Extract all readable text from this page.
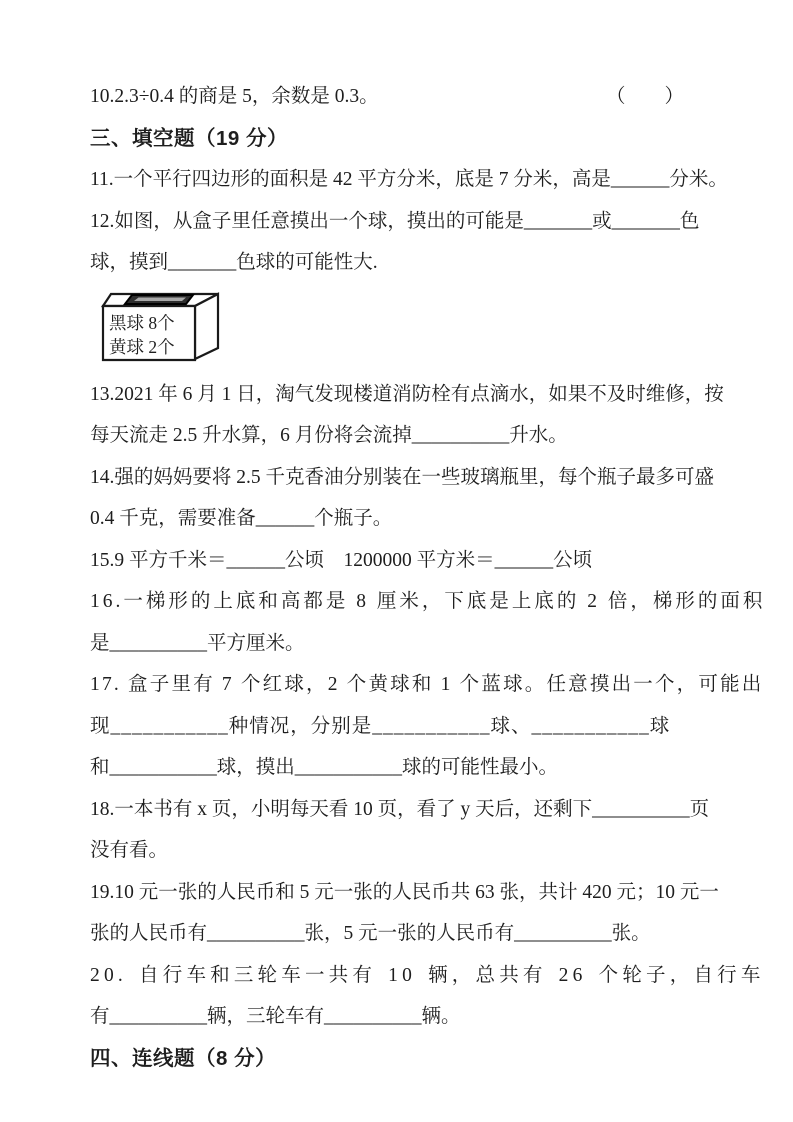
10.2.3÷0.4 的商是 5，余数是 0.3。	（　　）
三、填空题（19 分）
11.一个平行四边形的面积是 42 平方分米，底是 7 分米，高是______分米。
12.如图，从盒子里任意摸出一个球，摸出的可能是_______或_______色
球，摸到_______色球的可能性大.
黑球 8个
黄球 2个
13.2021 年 6 月 1 日，淘气发现楼道消防栓有点滴水，如果不及时维修，按
每天流走 2.5 升水算，6 月份将会流掉__________升水。
14.强的妈妈要将 2.5 千克香油分别装在一些玻璃瓶里，每个瓶子最多可盛
0.4 千克，需要准备______个瓶子。
15.9 平方千米＝______公顷    1200000 平方米＝______公顷
16.一梯形的上底和高都是 8 厘米，下底是上底的 2 倍，梯形的面积
是__________平方厘米。
17. 盒子里有 7 个红球，2 个黄球和 1 个蓝球。任意摸出一个，可能出
现___________种情况，分别是___________球、___________球
和___________球，摸出___________球的可能性最小。
18.一本书有 x 页，小明每天看 10 页，看了 y 天后，还剩下__________页
没有看。
19.10 元一张的人民币和 5 元一张的人民币共 63 张，共计 420 元；10 元一
张的人民币有__________张，5 元一张的人民币有__________张。
20. 自行车和三轮车一共有 10 辆，总共有 26 个轮子，自行车
有__________辆，三轮车有__________辆。
四、连线题（8 分）
